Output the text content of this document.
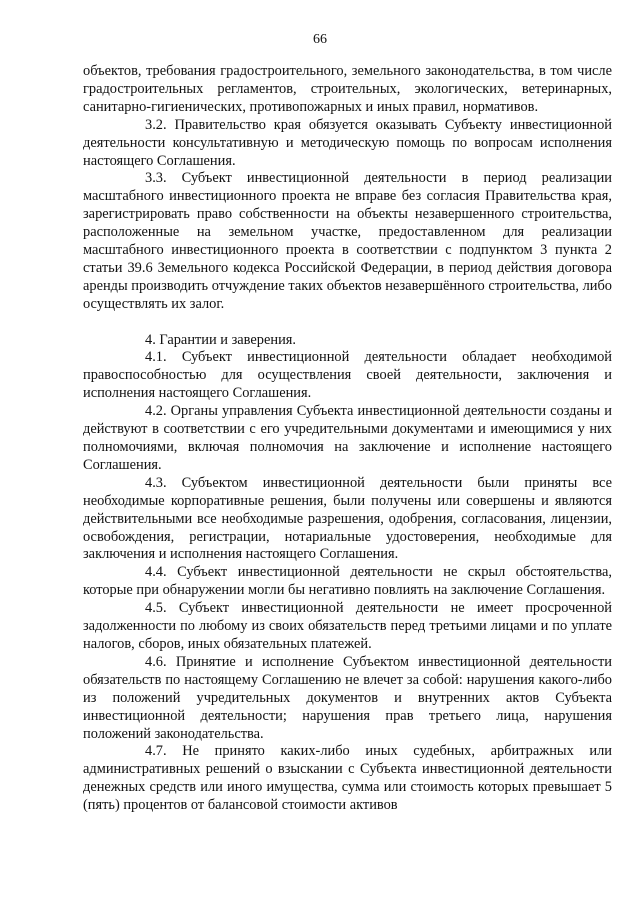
66

объектов, требования градостроительного, земельного законодательства, в том числе градостроительных регламентов, строительных, экологических, ветеринарных, санитарно-гигиенических, противопожарных и иных правил, нормативов.

3.2. Правительство края обязуется оказывать Субъекту инвестиционной деятельности консультативную и методическую помощь по вопросам исполнения настоящего Соглашения.

3.3. Субъект инвестиционной деятельности в период реализации масштабного инвестиционного проекта не вправе без согласия Правительства края, зарегистрировать право собственности на объекты незавершенного строительства, расположенные на земельном участке, предоставленном для реализации масштабного инвестиционного проекта в соответствии с подпунктом 3 пункта 2 статьи 39.6 Земельного кодекса Российской Федерации, в период действия договора аренды производить отчуждение таких объектов незавершённого строительства, либо осуществлять их залог.

4. Гарантии и заверения.

4.1. Субъект инвестиционной деятельности обладает необходимой правоспособностью для осуществления своей деятельности, заключения и исполнения настоящего Соглашения.

4.2. Органы управления Субъекта инвестиционной деятельности созданы и действуют в соответствии с его учредительными документами и имеющимися у них полномочиями, включая полномочия на заключение и исполнение настоящего Соглашения.

4.3. Субъектом инвестиционной деятельности были приняты все необходимые корпоративные решения, были получены или совершены и являются действительными все необходимые разрешения, одобрения, согласования, лицензии, освобождения, регистрации, нотариальные удостоверения, необходимые для заключения и исполнения настоящего Соглашения.

4.4. Субъект инвестиционной деятельности не скрыл обстоятельства, которые при обнаружении могли бы негативно повлиять на заключение Соглашения.

4.5. Субъект инвестиционной деятельности не имеет просроченной задолженности по любому из своих обязательств перед третьими лицами и по уплате налогов, сборов, иных обязательных платежей.

4.6. Принятие и исполнение Субъектом инвестиционной деятельности обязательств по настоящему Соглашению не влечет за собой: нарушения какого-либо из положений учредительных документов и внутренних актов Субъекта инвестиционной деятельности; нарушения прав третьего лица, нарушения положений законодательства.

4.7. Не принято каких-либо иных судебных, арбитражных или административных решений о взыскании с Субъекта инвестиционной деятельности денежных средств или иного имущества, сумма или стоимость которых превышает 5 (пять) процентов от балансовой стоимости активов
